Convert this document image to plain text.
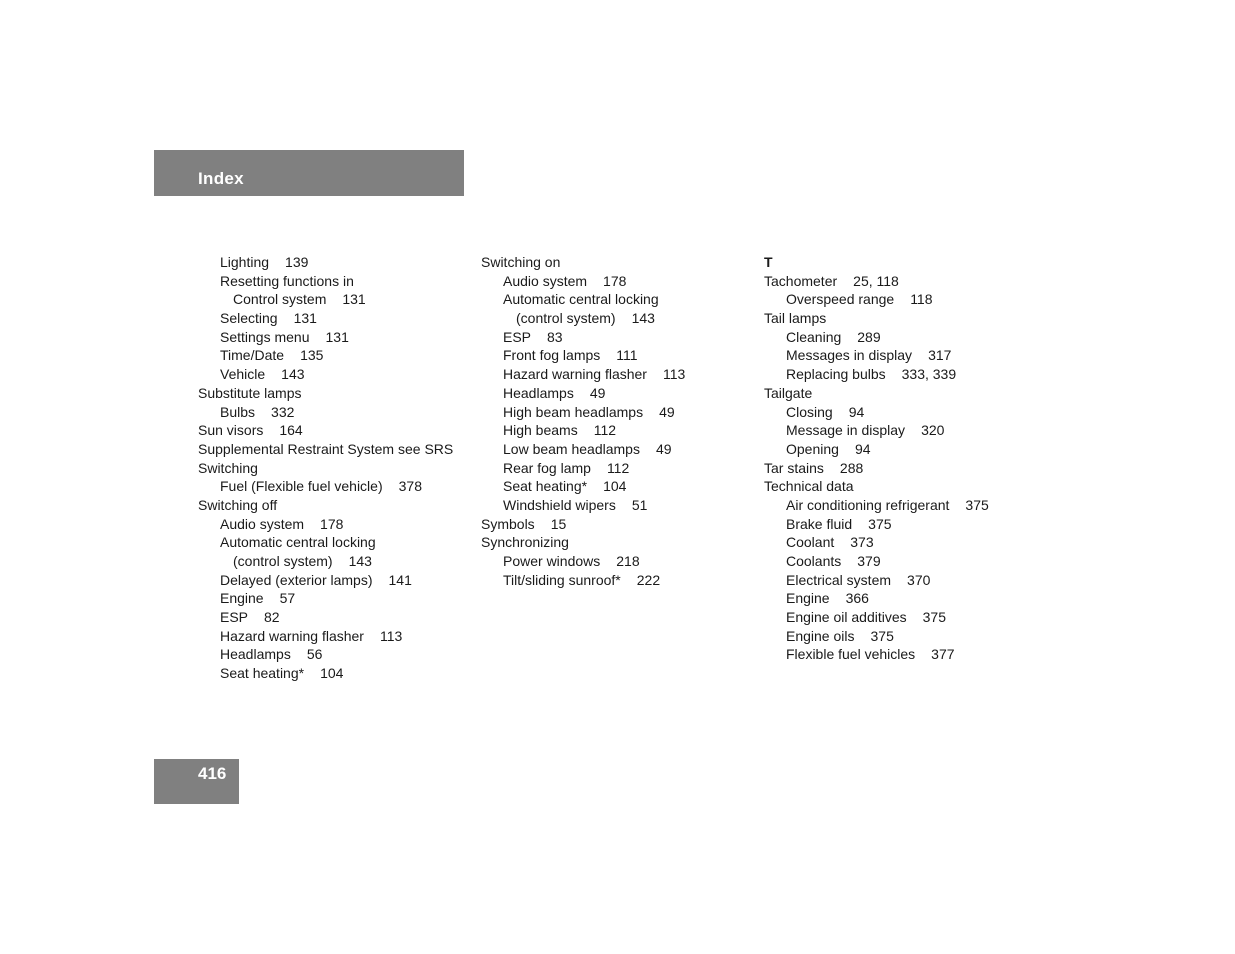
Index
Lighting 139
Resetting functions in
Control system 131
Selecting 131
Settings menu 131
Time/Date 135
Vehicle 143
Substitute lamps
Bulbs 332
Sun visors 164
Supplemental Restraint System see SRS
Switching
Fuel (Flexible fuel vehicle) 378
Switching off
Audio system 178
Automatic central locking
(control system) 143
Delayed (exterior lamps) 141
Engine 57
ESP 82
Hazard warning flasher 113
Headlamps 56
Seat heating* 104
Switching on
Audio system 178
Automatic central locking
(control system) 143
ESP 83
Front fog lamps 111
Hazard warning flasher 113
Headlamps 49
High beam headlamps 49
High beams 112
Low beam headlamps 49
Rear fog lamp 112
Seat heating* 104
Windshield wipers 51
Symbols 15
Synchronizing
Power windows 218
Tilt/sliding sunroof* 222
T
Tachometer 25, 118
Overspeed range 118
Tail lamps
Cleaning 289
Messages in display 317
Replacing bulbs 333, 339
Tailgate
Closing 94
Message in display 320
Opening 94
Tar stains 288
Technical data
Air conditioning refrigerant 375
Brake fluid 375
Coolant 373
Coolants 379
Electrical system 370
Engine 366
Engine oil additives 375
Engine oils 375
Flexible fuel vehicles 377
416
